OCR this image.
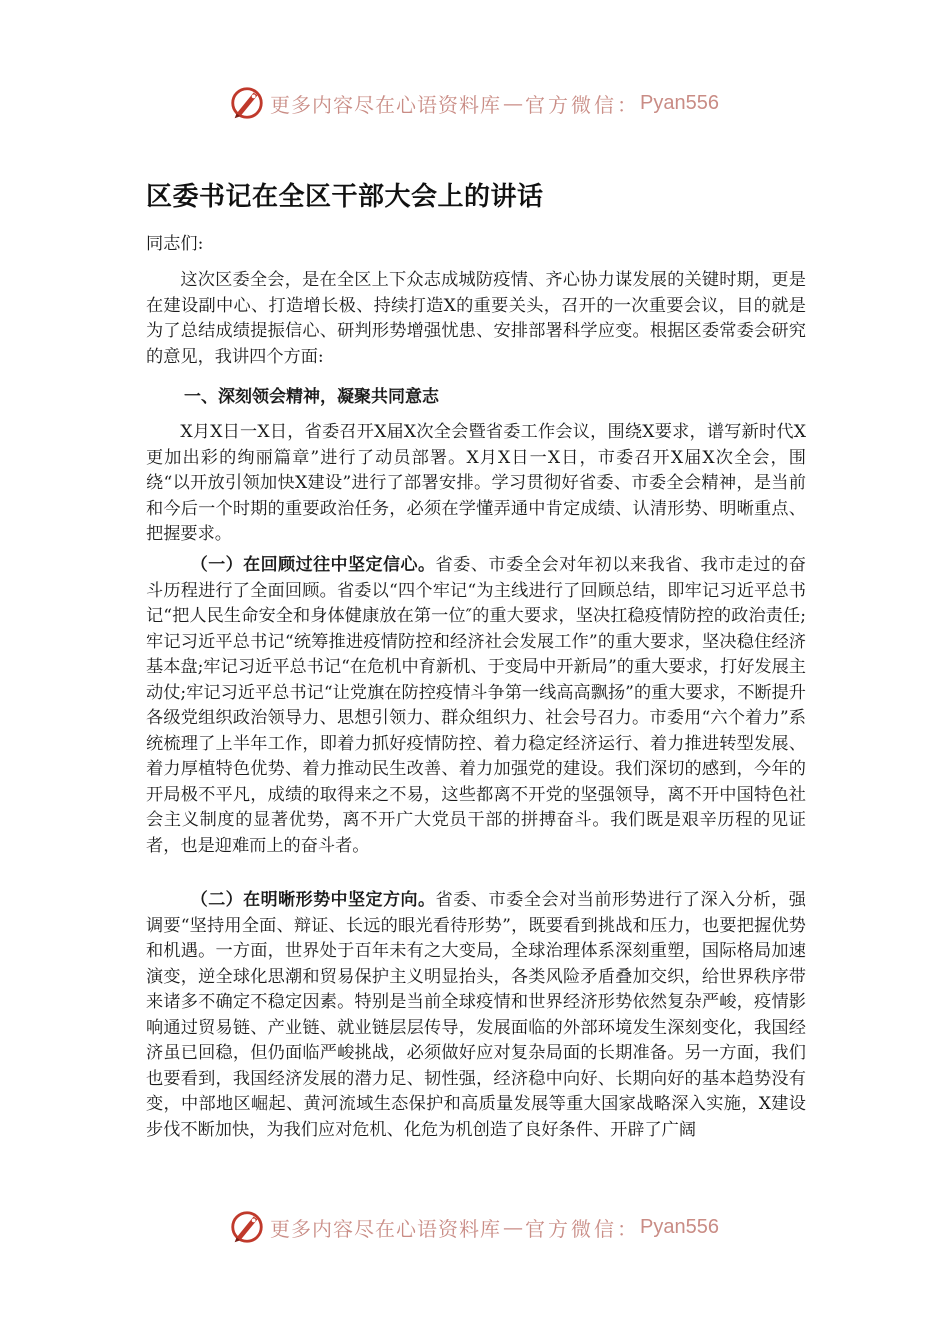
更多内容尽在心语资料库 — 官方微信： Pyan556
区委书记在全区干部大会上的讲话

同志们:

这次区委全会，是在全区上下众志成城防疫情、齐心协力谋发展的关键时期，更是在建设副中心、打造增长极、持续打造X的重要关头，召开的一次重要会议，目的就是为了总结成绩提振信心、研判形势增强忧患、安排部署科学应变。根据区委常委会研究的意见，我讲四个方面:

一、深刻领会精神，凝聚共同意志

X月X日一X日，省委召开X届X次全会暨省委工作会议，围绕X要求，谱写新时代X更加出彩的绚丽篇章”进行了动员部署。X月X日一X日，市委召开X届X次全会，围绕“以开放引领加快X建设”进行了部署安排。学习贯彻好省委、市委全会精神，是当前和今后一个时期的重要政治任务，必须在学懂弄通中肯定成绩、认清形势、明晰重点、把握要求。

（一）在回顾过往中坚定信心。省委、市委全会对年初以来我省、我市走过的奋斗历程进行了全面回顾。省委以“四个牢记“为主线进行了回顾总结，即牢记习近平总书记“把人民生命安全和身体健康放在第一位″的重大要求，坚决扛稳疫情防控的政治责任;牢记习近平总书记“统筹推进疫情防控和经济社会发展工作”的重大要求，坚决稳住经济基本盘;牢记习近平总书记“在危机中育新机、于变局中开新局”的重大要求，打好发展主动仗;牢记习近平总书记“让党旗在防控疫情斗争第一线高高飘扬”的重大要求，不断提升各级党组织政治领导力、思想引领力、群众组织力、社会号召力。市委用“六个着力”系统梳理了上半年工作，即着力抓好疫情防控、着力稳定经济运行、着力推进转型发展、着力厚植特色优势、着力推动民生改善、着力加强党的建设。我们深切的感到，今年的开局极不平凡，成绩的取得来之不易，这些都离不开党的坚强领导，离不开中国特色社会主义制度的显著优势，离不开广大党员干部的拼搏奋斗。我们既是艰辛历程的见证者，也是迎难而上的奋斗者。

（二）在明晰形势中坚定方向。省委、市委全会对当前形势进行了深入分析，强调要“坚持用全面、辩证、长远的眼光看待形势”，既要看到挑战和压力，也要把握优势和机遇。一方面，世界处于百年未有之大变局，全球治理体系深刻重塑，国际格局加速演变，逆全球化思潮和贸易保护主义明显抬头，各类风险矛盾叠加交织，给世界秩序带来诸多不确定不稳定因素。特别是当前全球疫情和世界经济形势依然复杂严峻，疫情影响通过贸易链、产业链、就业链层层传导，发展面临的外部环境发生深刻变化，我国经济虽已回稳，但仍面临严峻挑战，必须做好应对复杂局面的长期准备。另一方面，我们也要看到，我国经济发展的潜力足、韧性强，经济稳中向好、长期向好的基本趋势没有变，中部地区崛起、黄河流域生态保护和高质量发展等重大国家战略深入实施，X建设步伐不断加快，为我们应对危机、化危为机创造了良好条件、开辟了广阔

更多内容尽在心语资料库 — 官方微信： Pyan556
